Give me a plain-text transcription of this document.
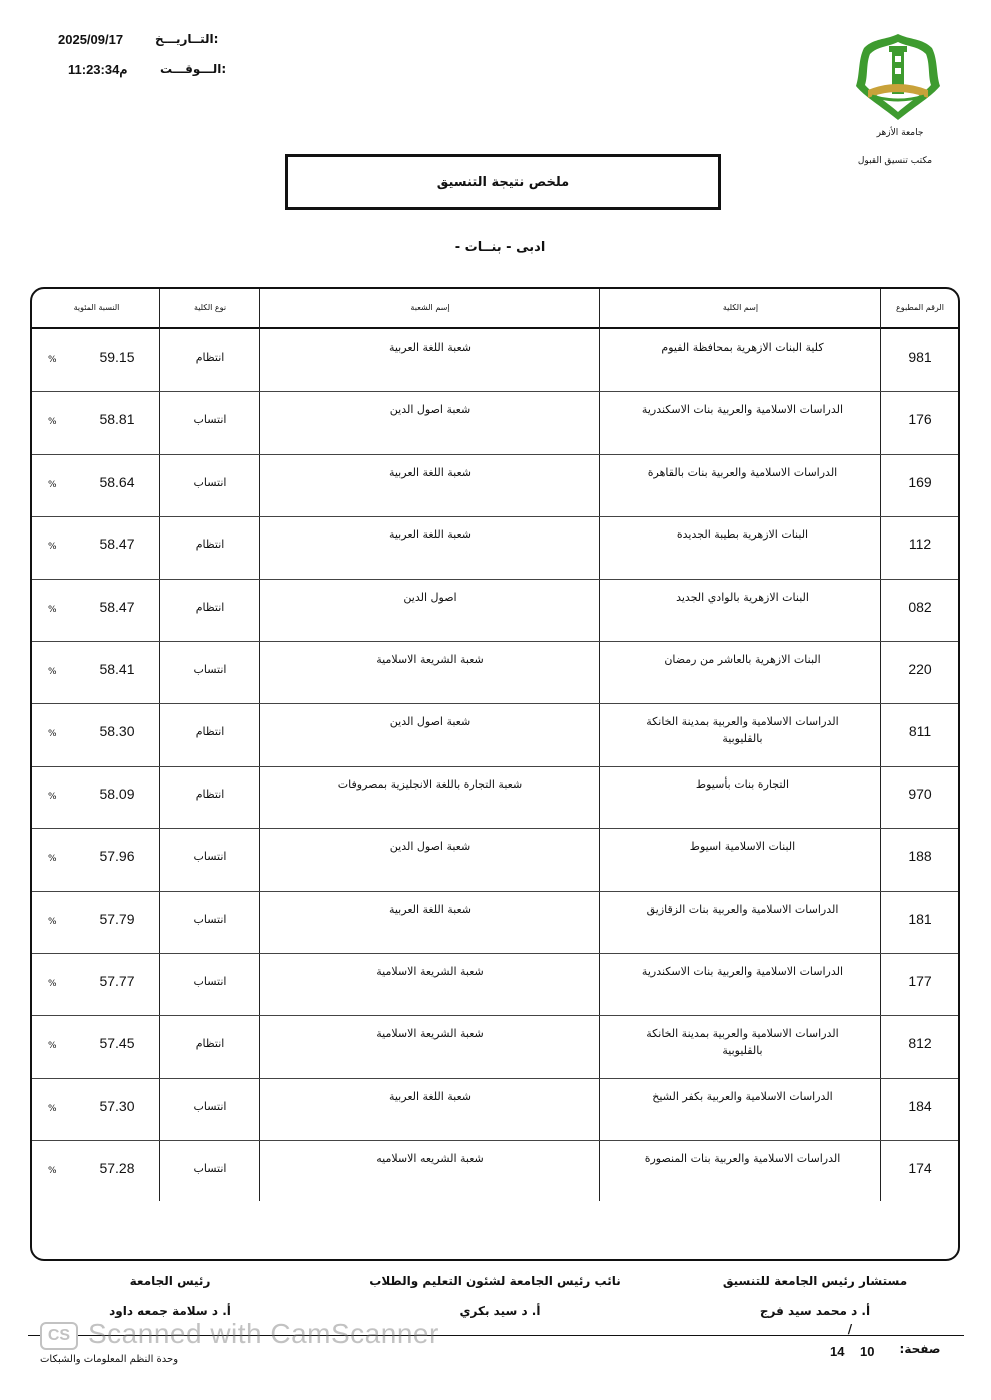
التــاريـــخ:
2025/09/17
الـــوقـــت:
م11:23:34
جامعة الأزهر
مكتب تنسيق القبول
ملخص نتيجة التنسيق
- ادبى - بنــات
الرقم المطبوع
إسم الكلية
إسم الشعبة
نوع الكلية
النسبة المئوية
981
كلية البنات الازهرية بمحافظة الفيوم
شعبة اللغة العربية
انتظام
59.15
%
176
الدراسات الاسلامية والعربية بنات الاسكندرية
شعبة اصول الدين
انتساب
58.81
%
169
الدراسات الاسلامية والعربية بنات بالقاهرة
شعبة اللغة العربية
انتساب
58.64
%
112
البنات الازهرية بطيبة الجديدة
شعبة اللغة العربية
انتظام
58.47
%
082
البنات الازهرية بالوادي الجديد
اصول الدين
انتظام
58.47
%
220
البنات الازهرية بالعاشر من رمضان
شعبة الشريعة الاسلامية
انتساب
58.41
%
811
الدراسات الاسلامية والعربية بمدينة الخانكة بالقليوبية
شعبة اصول الدين
انتظام
58.30
%
970
التجارة بنات بأسيوط
شعبة التجارة باللغة الانجليزية بمصروفات
انتظام
58.09
%
188
البنات الاسلامية اسيوط
شعبة اصول الدين
انتساب
57.96
%
181
الدراسات الاسلامية والعربية بنات الزقازيق
شعبة اللغة العربية
انتساب
57.79
%
177
الدراسات الاسلامية والعربية بنات الاسكندرية
شعبة الشريعة الاسلامية
انتساب
57.77
%
812
الدراسات الاسلامية والعربية بمدينة الخانكة بالقليوبية
شعبة الشريعة الاسلامية
انتظام
57.45
%
184
الدراسات الاسلامية والعربية بكفر الشيخ
شعبة اللغة العربية
انتساب
57.30
%
174
الدراسات الاسلامية والعربية بنات المنصورة
شعبة الشريعه الاسلاميه
انتساب
57.28
%
مستشار رئيس الجامعة للتنسيق
أ. د محمد سيد فرج
نائب رئيس الجامعة لشئون التعليم والطلاب
أ. د سيد بكري
رئيس الجامعة
أ. د سلامة جمعه داود
/
صفحة:
10
14
وحدة النظم المعلومات والشبكات
CS Scanned with CamScanner
